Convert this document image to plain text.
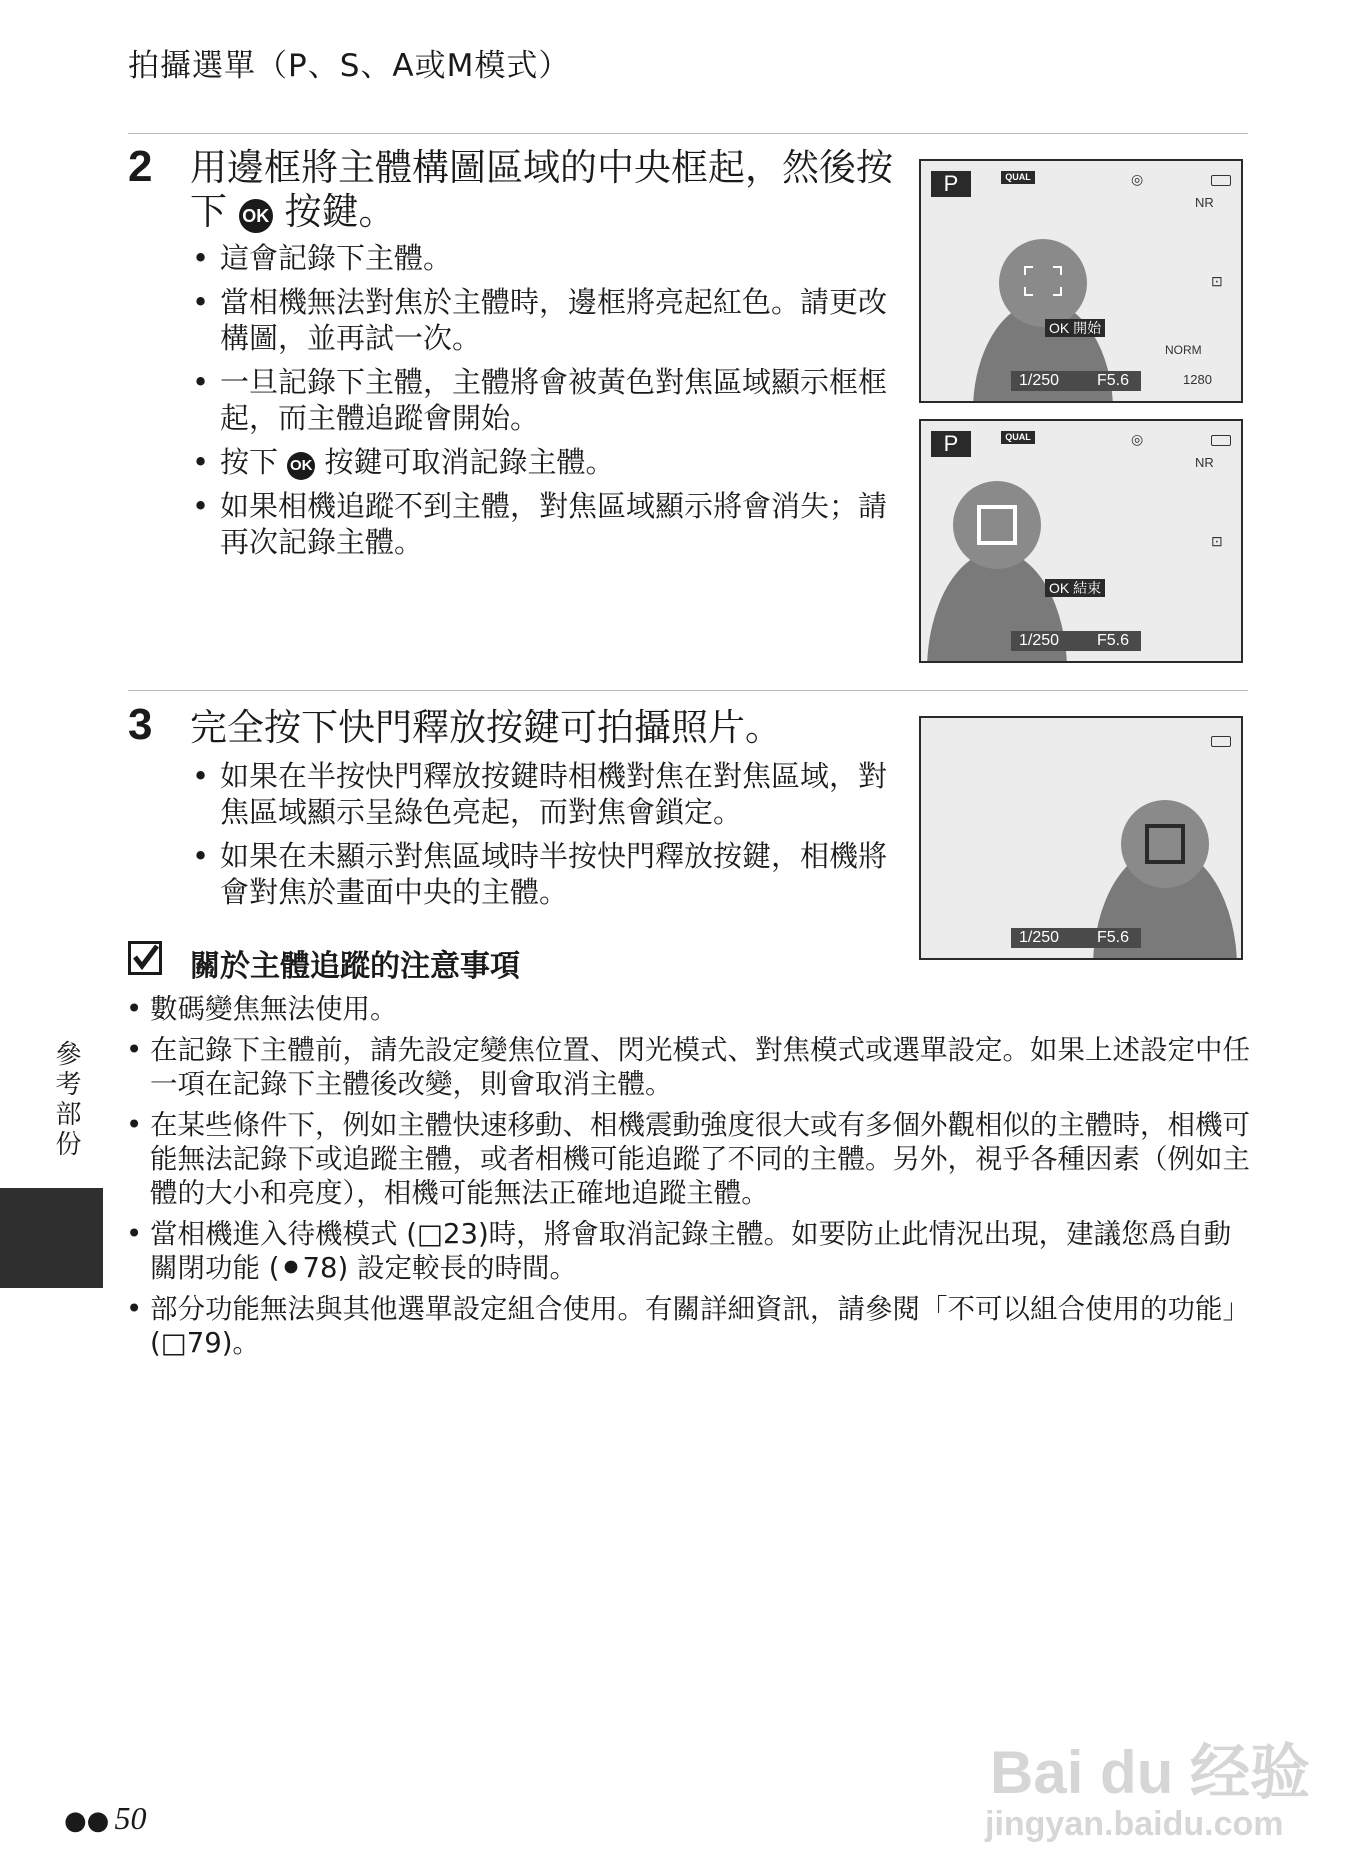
拍攝選單（P、S、A或M模式）
2 用邊框將主體構圖區域的中央框起，然後按
下 OK 按鍵。
• 這會記錄下主體。
• 當相機無法對焦於主體時，邊框將亮起紅色。請更改構圖，並再試一次。
• 一旦記錄下主體，主體將會被黃色對焦區域顯示框框起，而主體追蹤會開始。
• 按下 OK 按鍵可取消記錄主體。
• 如果相機追蹤不到主體，對焦區域顯示將會消失；請再次記錄主體。
P	QUAL	◎
NR
⊡
OK 開始
NORM
1/250 F5.6	1280
P	QUAL	◎
NR
⊡
OK 結束
1/250 F5.6
3 完全按下快門釋放按鍵可拍攝照片。
• 如果在半按快門釋放按鍵時相機對焦在對焦區域，對焦區域顯示呈綠色亮起，而對焦會鎖定。
• 如果在未顯示對焦區域時半按快門釋放按鍵，相機將會對焦於畫面中央的主體。
1/250 F5.6
關於主體追蹤的注意事項
• 數碼變焦無法使用。
• 在記錄下主體前，請先設定變焦位置、閃光模式、對焦模式或選單設定。如果上述設定中任一項在記錄下主體後改變，則會取消主體。
• 在某些條件下，例如主體快速移動、相機震動強度很大或有多個外觀相似的主體時，相機可能無法記錄下或追蹤主體，或者相機可能追蹤了不同的主體。另外，視乎各種因素（例如主體的大小和亮度），相機可能無法正確地追蹤主體。
• 當相機進入待機模式 (□23)時，將會取消記錄主體。如要防止此情況出現，建議您爲自動關閉功能 (⚫78) 設定較長的時間。
• 部分功能無法與其他選單設定組合使用。有關詳細資訊，請參閱「不可以組合使用的功能」(□79)。
參考部份
●● 50
Bai du 经验
jingyan.baidu.com
